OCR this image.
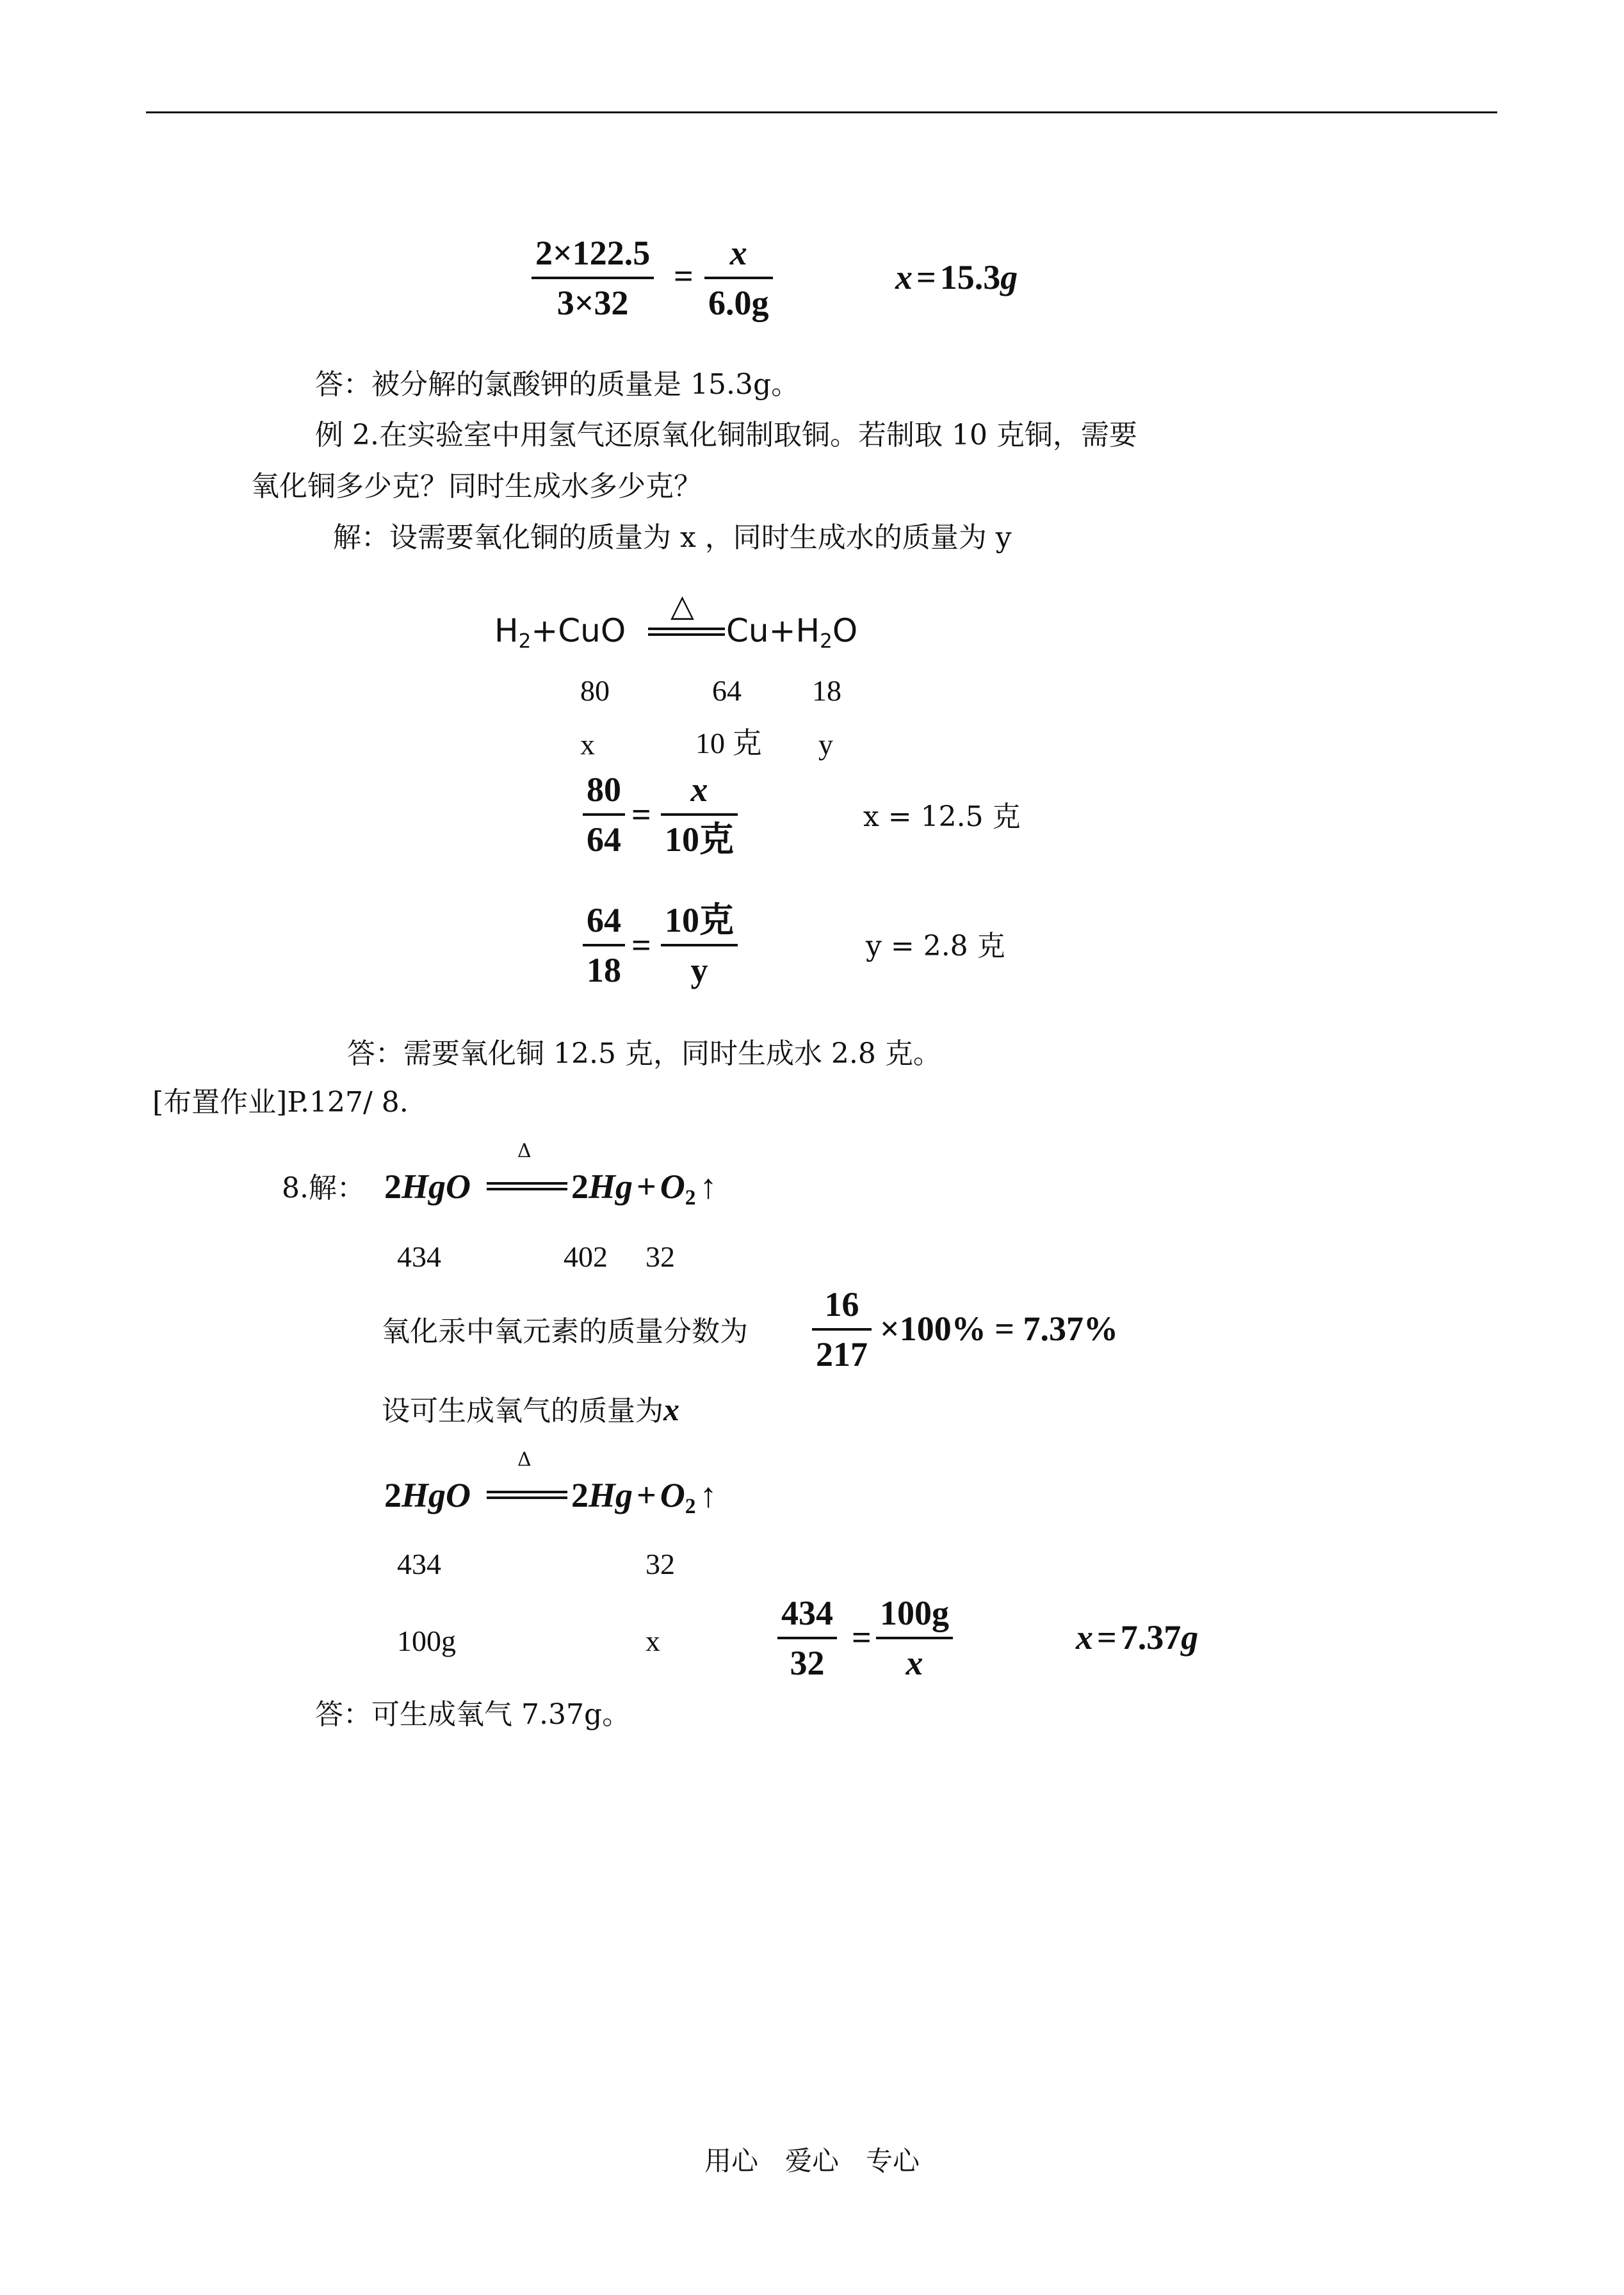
2×122.5
3×32
=
x
6.0g
x = 15.3g
答：被分解的氯酸钾的质量是 15.3g。
例 2.在实验室中用氢气还原氧化铜制取铜。若制取 10 克铜，需要
氧化铜多少克？同时生成水多少克？
解：设需要氧化铜的质量为 x ，同时生成水的质量为 y
△
$H_2+CuO$	$Cu+H_2O$
80	64 18
x	10 克 y
80
64
=
x
10克
x = 12.5 克
64
18
=
10克
y
y = 2.8 克
答：需要氧化铜 12.5 克，同时生成水 2.8 克。
[布置作业]P.127/ 8.
8.解： 2HgO
Δ
$2Hg + O_2$ ↑
434	402 32
氧化汞中氧元素的质量分数为
16
217
×100% = 7.37%
设可生成氧气的质量为x
2HgO
Δ
$2Hg + O_2$ ↑
434	32
100g	x
434
32
=
100g
x
x = 7.37g
答：可生成氧气 7.37g。
用心　爱心　专心
